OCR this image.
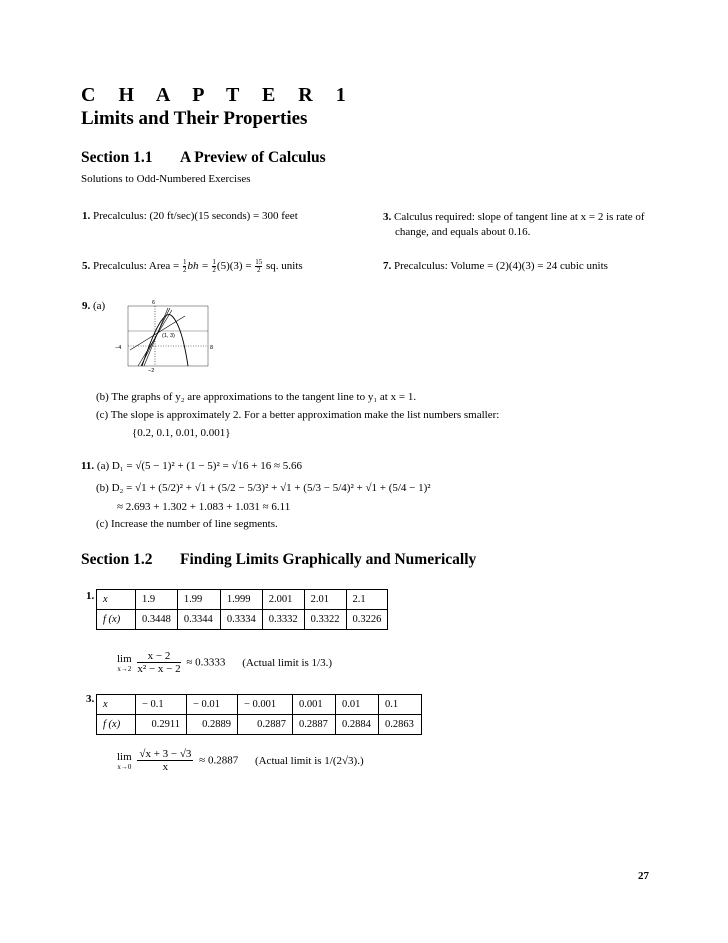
C H A P T E R 1
Limits and Their Properties
Section 1.1 A Preview of Calculus
Solutions to Odd-Numbered Exercises
1. Precalculus: (20 ft/sec)(15 seconds) = 300 feet	3. Calculus required: slope of tangent line at x = 2 is rate of
change, and equals about 0.16.
5. Precalculus: Area = $\frac{1}{2}$ bh = $\frac{1}{2} (5)(3) = \frac{15}{2}$ sq. units	7. Precalculus: Volume = (2)(4)(3) = 24 cubic units
9. (a)	6
−2
−4	8
(1, 3)
(b) The graphs of y₂ are approximations to the tangent line to y₁ at x = 1.
(c) The slope is approximately 2. For a better approximation make the list numbers smaller:
{0.2, 0.1, 0.01, 0.001}
11. (a) D₁ = √(5 − 1)² + (1 − 5)² = √16 + 16 ≈ 5.66
(b) D₂ = √1 + (5/2)² + √1 + (5/2 − 5/3)² + √1 + (5/3 − 5/4)² + √1 + (5/4 − 1)²
≈ 2.693 + 1.302 + 1.083 + 1.031 ≈ 6.11
(c) Increase the number of line segments.
Section 1.2 Finding Limits Graphically and Numerically
1. x	1.9	1.99	1.999	2.001	2.01	2.1
f (x)	0.3448	0.3344	0.3334	0.3332	0.3322	0.3226
lim
x→2
$\frac{x - 2}{\text{x² − x − 2}} \approx 0.3333$ (Actual limit is 1/3.)
3. x	− 0.1	− 0.01	− 0.001	0.001	0.01	0.1
f (x)	0.2911	0.2889	0.2887	0.2887	0.2884	0.2863
lim
x→0
$\frac{√x + 3 - √3}{x} \approx 0.2887$ (Actual limit is 1/(2√3).)
27
